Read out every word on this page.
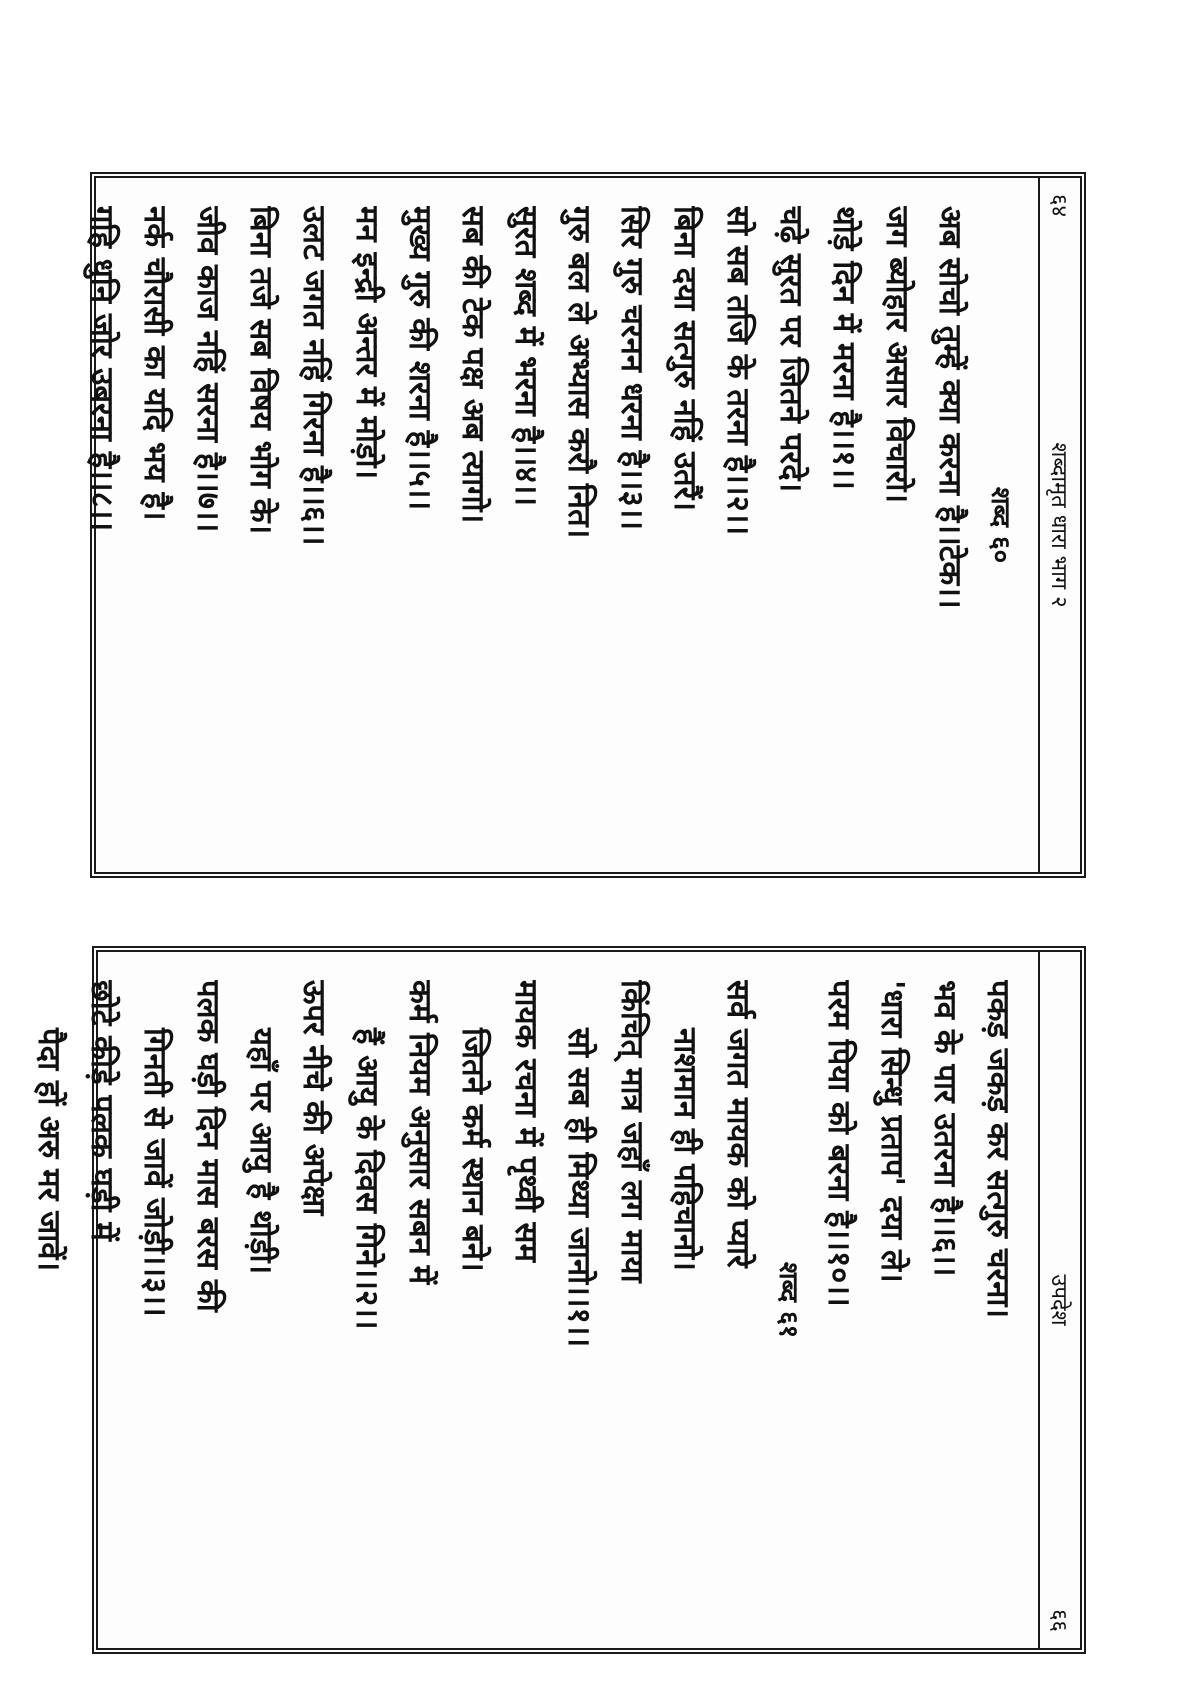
६४
शब्दामृत धारा भाग २
शब्द ६०
अब सोचो तुम्हें क्या करना है।।टेक।।
जग ब्योहार असार विचारो।
थोड़े दिन में मरना है।।१।।
चढ़े सुरत पर जितने परदे।
सो सब तजि के तरना है।।२।।
बिना दया सत्गुरु नहिं उतरैं।
सिर गुरु चरनन धरना है।।३।।
गुरु बल ले अभ्यास करौ नित।
सुरत शब्द में भरना है।।४।।
सब की टेक पक्ष अब त्यागो।
मुख्य गुरु की शरना है।।५।।
मन इन्द्री अन्तर में मोड़ो।
उलट जगत नहिं गिरना है।।६।।
बिना तजे सब विषय भोग के।
जीव काज नहिं सरना है।।७।।
नर्क चौरासी का यदि भय है।
गहि धुनि जोर उबरना है।।८।।
उपदेश
६६
पकड़ जकड़ कर सत्गुरु चरना।
भव के पार उतरना है।।६।।
'धारा सिन्धु प्रताप' दया ले।
परम पिया को बरना है।।१०।।
शब्द ६१
सर्व जगत मायक को प्यारे
नाशमान ही पहिचानो।
किंचित् मात्र जहाँ लग माया
सो सब ही मिथ्या जानो।।१।।
मायक रचना में पृथ्वी सम
जितने कर्म स्थान बने।
कर्म नियम अनुसार सबन में
हैं आयु के दिवस गिने।।२।।
ऊपर नीचे की अपेक्षा
यहाँ पर आयु है थोड़ी।
पलक घड़ी दिन मास बरस की
गिनती से जावें जोड़ी।।३।।
छोटे कीड़े पलक घड़ी में
पैदा हों अरु मर जावें।
